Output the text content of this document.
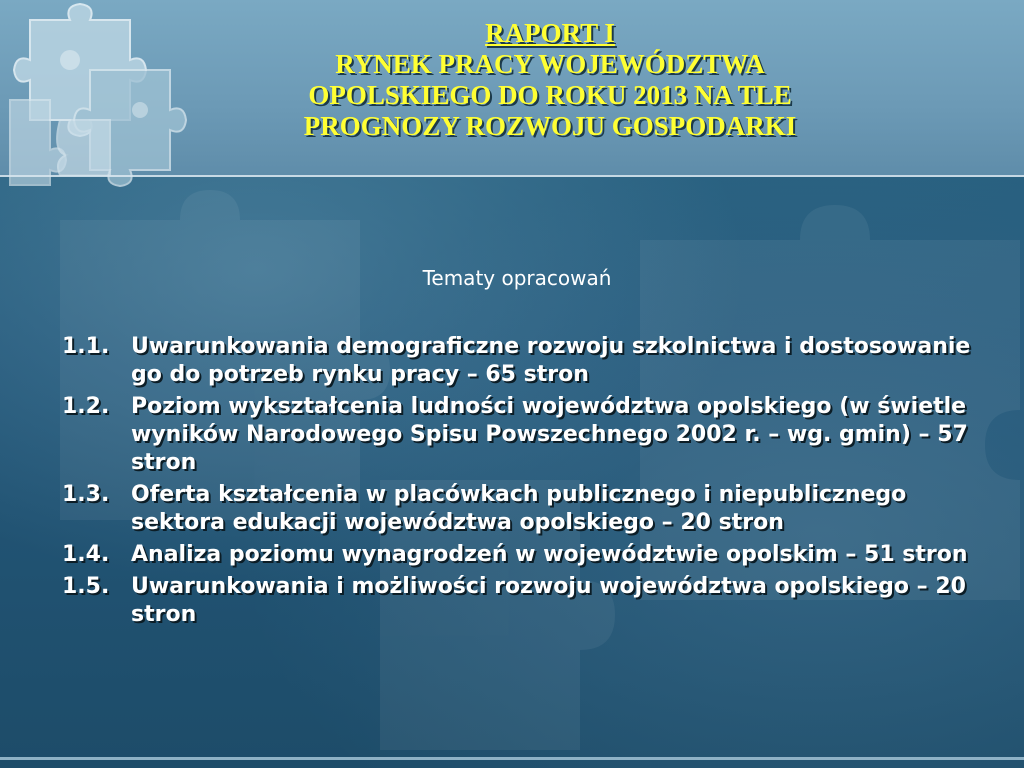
RAPORT I
RYNEK PRACY WOJEWÓDZTWA
OPOLSKIEGO DO ROKU 2013 NA TLE
PROGNOZY ROZWOJU GOSPODARKI
Tematy opracowań
1.1. Uwarunkowania demograficzne rozwoju szkolnictwa i dostosowanie go do potrzeb rynku pracy – 65 stron
1.2. Poziom wykształcenia ludności województwa opolskiego (w świetle wyników Narodowego Spisu Powszechnego 2002 r. – wg. gmin) – 57 stron
1.3. Oferta kształcenia w placówkach publicznego i niepublicznego sektora edukacji województwa opolskiego – 20 stron
1.4. Analiza poziomu wynagrodzeń w województwie opolskim – 51 stron
1.5. Uwarunkowania i możliwości rozwoju województwa opolskiego – 20 stron
